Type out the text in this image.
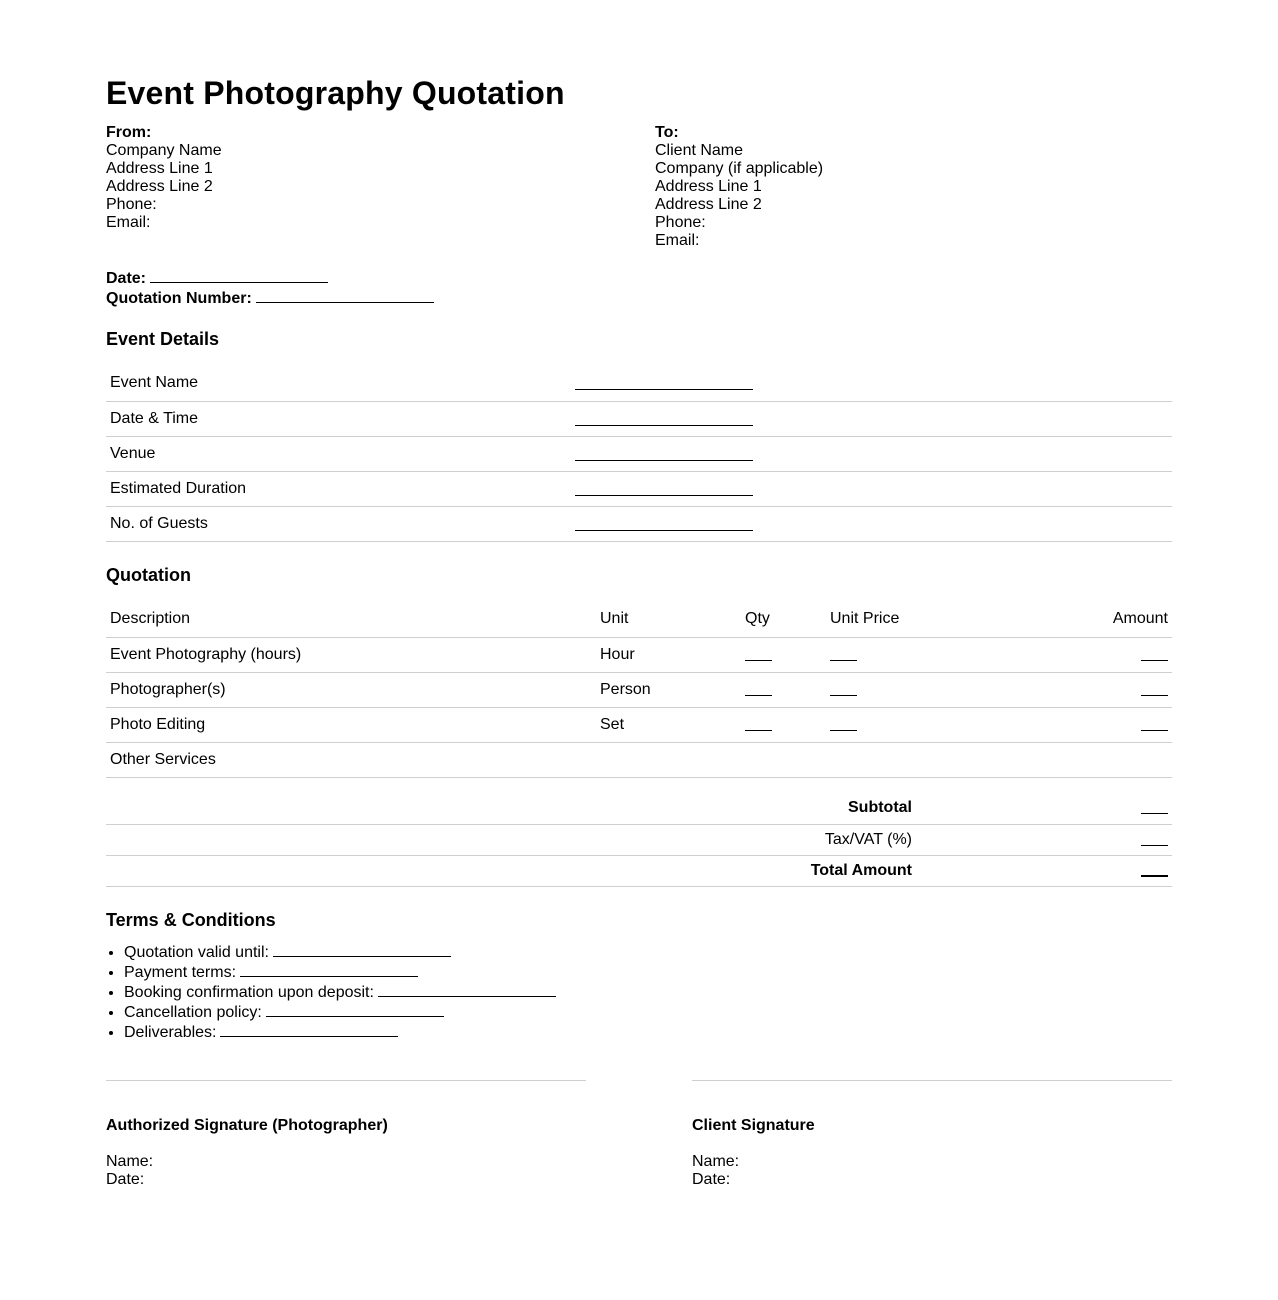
Event Photography Quotation
From:
Company Name
Address Line 1
Address Line 2
Phone:
Email:
To:
Client Name
Company (if applicable)
Address Line 1
Address Line 2
Phone:
Email:
Date:
Quotation Number:
Event Details
Event Name	
Date & Time	
Venue	
Estimated Duration	
No. of Guests	
Quotation
Description	Unit	Qty	Unit Price	Amount
Event Photography (hours)	Hour			
Photographer(s)	Person			
Photo Editing	Set			
Other Services				
Subtotal	
Tax/VAT (%)	
Total Amount	
Terms & Conditions
• Quotation valid until:
• Payment terms:
• Booking confirmation upon deposit:
• Cancellation policy:
• Deliverables:
Authorized Signature (Photographer)
Name:
Date:
Client Signature
Name:
Date:
